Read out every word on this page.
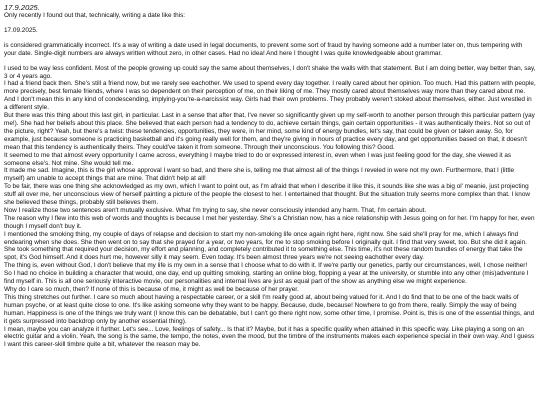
17.9.2025.

Only recently I found out that, technically, writing a date like this:

17.09.2025.

is considered grammatically incorrect. It's a way of writing a date used in legal documents, to prevent some sort of fraud by having someone add a number later on, thus tempering with your date. Single-digit numbers are always written without zero, in other cases. Had no idea! And here I thought I was quite knowledgeable about grammar.

I used to be way less confident. Most of the people growing up could say the same about themselves, I don't shake the walls with that statement. But I am doing better, way better than, say, 3 or 4 years ago.

I had a friend back then. She's still a friend now, but we rarely see eachother. We used to spend every day together. I really cared about her opinion. Too much. Had this pattern with people, more precisely, best female friends, where I was so dependent on their perception of me, on their liking of me. They mostly cared about themselves way more than they cared about me. And I don't mean this in any kind of condescending, implying-you're-a-narcissist way. Girls had their own problems. They probably weren't stoked about themselves, either. Just wrestled in a different style.

But there was this thing about this last girl, in particular. Last in a sense that after that, I've never so significantly given up my self-worth to another person through this particular pattern (yay me!). She had her beliefs about this place. She believed that each person had a tendency to do, achieve certain things, gain certain opportunities - it was authentically theirs. Not so out of the picture, right? Yeah, but there's a twist: these tendencies, opportunities, they were, in her mind, some kind of energy bundles, let's say, that could be given or taken away. So, for example, just because someone is practicing basketball and it's going really well for them, and they're giving in hours of practice every day, and get opportunities based on that, it doesn't mean that this tendency is authentically theirs. They could've taken it from someone. Through their unconscious. You following this? Good.

It seemed to me that almost every opportunity I came across, everything I maybe tried to do or expressed interest in, even when I was just feeling good for the day, she viewed it as someone else's. Not mine. She would tell me.

It made me sad. Imagine, this is the girl whose approval I want so bad, and there she is, telling me that almost all of the things I reveled in were not my own. Furthermore, that I (little myself) am unable to accept things that are mine. That didn't help at all!

To be fair, there was one thing she acknowledged as my own, which I want to point out, as I'm afraid that when I describe it like this, it sounds like she was a big ol' meanie, just projecting stuff all over me, her unconscious view of herself painting a picture of the people the closest to her. I entertained that thought. But the situation truly seems more complex than that. I know she believed these things, probably still believes them.

Now I realize those two sentences aren't mutually exclusive. What I'm trying to say, she never consciously intended any harm. That, I'm certain about.

The reason why I flew into this web of words and thoughts is because I met her yesterday. She's a Christian now, has a nice relationship with Jesus going on for her. I'm happy for her, even though I myself don't buy it.

I mentioned the smoking thing, my couple of days of relapse and decision to start my non-smoking life once again right here, right now. She said she'll pray for me, which I always find endearing when she does. She then went on to say that she prayed for a year, or two years, for me to stop smoking before I originally quit. I find that very sweet, too. But she did it again. She took something that required your decision, my effort and planning, and completely contributed it to something else. This time, it's not these random bundles of energy that take the spot, it's God himself. And it does hurt me, however silly it may seem. Even today. It's been almost three years we're not seeing eachother every day.

The thing is, even without God, I don't believe that my life is my own in a sense that I choose what to do with it. If we're partly our genetics, partly our circumstances, well, I chose neither! So I had no choice in building a character that would, one day, end up quitting smoking, starting an online blog, flopping a year at the university, or stumble into any other (mis)adventure I find myself in. This is all one seriously interactive movie, our personalities and internal lives are just as equal part of the show as anything else we might experience.

Why do I care so much, then? If none of this is because of me, it might as well be because of her prayer.

This thing stretches out further. I care so much about having a respectable career, or a skill I'm really good at, about being valued for it. And I do find that to be one of the back walls of human psyche, or at least quite close to one. It's like asking someone why they want to be happy. Because, dude, because! Nowhere to go from there, really. Simply the way of being human. Happiness is one of the things we truly want (I know this can be debatable, but I can't go there right now, some other time, I promise. Point is, this is one of the essential things, and it gets surpressed into backdrop only by another essential thing).

I mean, maybe you can analyze it further. Let's see... Love, feelings of safety... Is that it? Maybe, but it has a specific quality when attained in this specific way. Like playing a song on an electric guitar and a violin. Yeah, the song is the same, the tempo, the notes, even the mood, but the timbre of the instruments makes each experience special in their own way. And I guess I want this career-skill timbre quite a bit, whatever the reason may be.
